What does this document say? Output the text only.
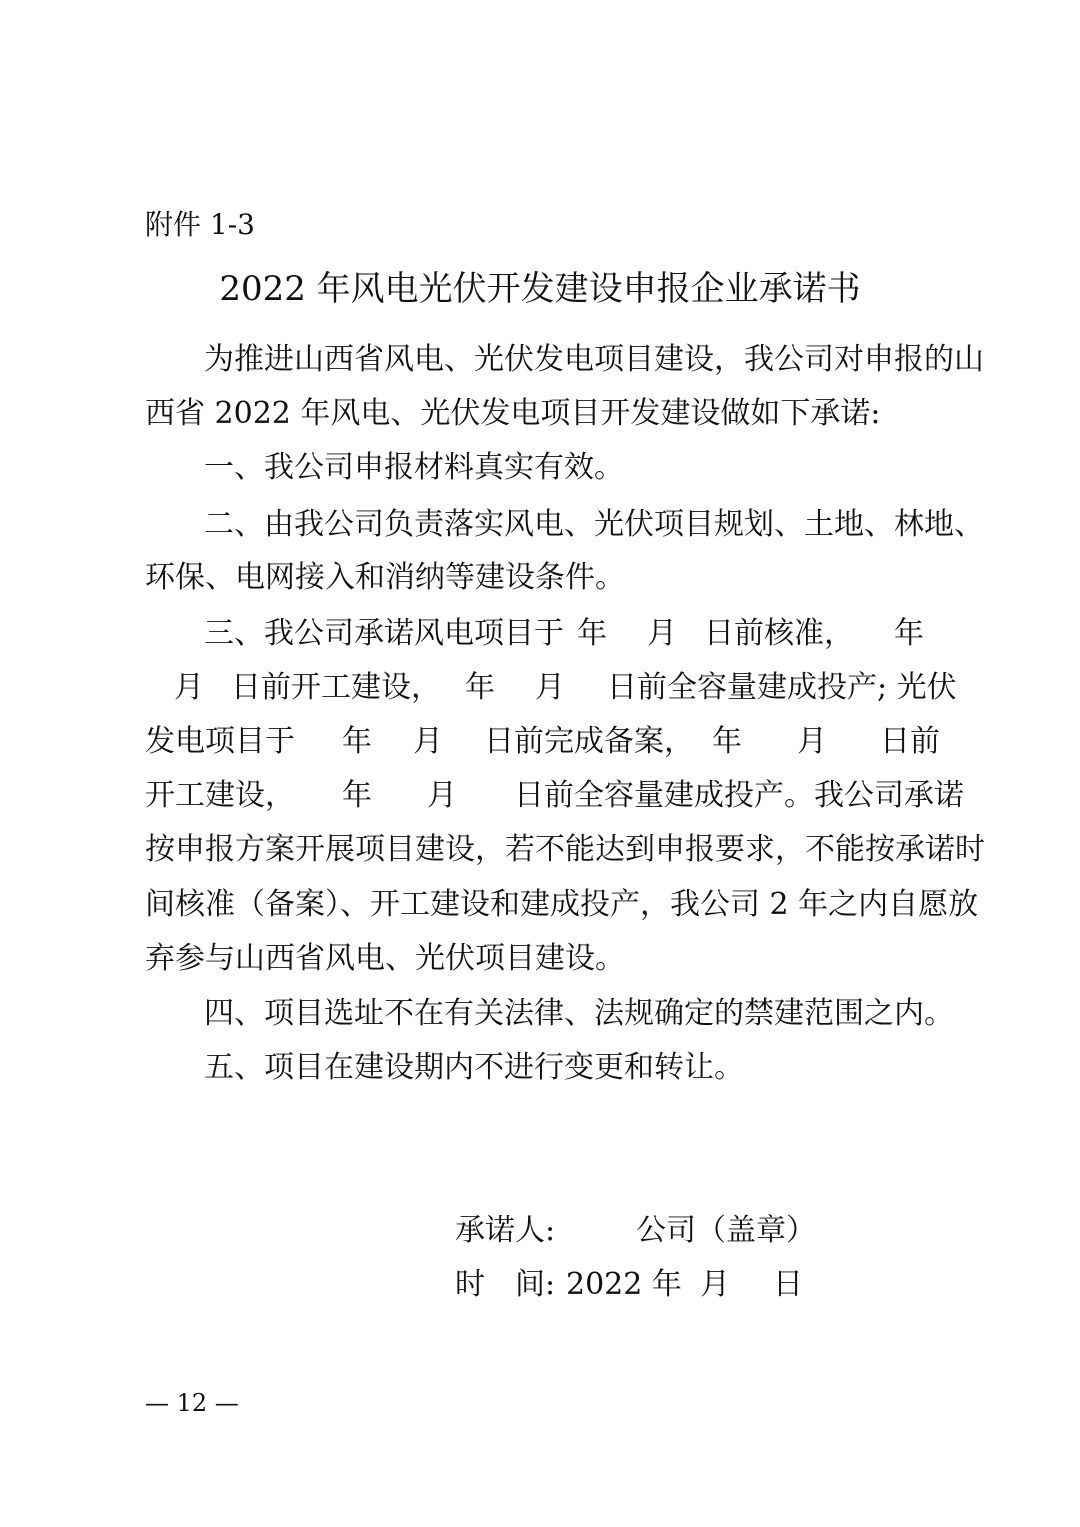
附件 1-3
2022 年风电光伏开发建设申报企业承诺书
为 推 进 山 西 省 风 电 、 光 伏 发 电 项 目 建 设 ， 我 公 司 对 申 报 的 山
西省 2022 年风电、光伏发电项目开发建设做如下承诺:
一、我公司申报材料真实有效。
二、由我公司负责落实风电、光伏项目规划、土地、林地、
环保、电网接入和消纳等建设条件。
三、我公司承诺风电项目于 年 月 日前核准， 年
月 日前开工建设， 年 月 日前全容量建成投产; 光伏
发电项目于 年 月 日前完成备案， 年 月 日前
开工建设， 年 月 日前全容量建成投产。我公司承诺
按申报方案开展项目建设，若不能达到申报要求，不能按承诺时
间核准（备案）、开工建设和建成投产，我公司 2 年之内自愿放
弃参与山西省风电、光伏项目建设。
四、项目选址不在有关法律、法规确定的禁建范围之内。
五、项目在建设期内不进行变更和转让。
承诺人:	公司（盖章）
时　间: 2022 年 月 日
— 12 —
